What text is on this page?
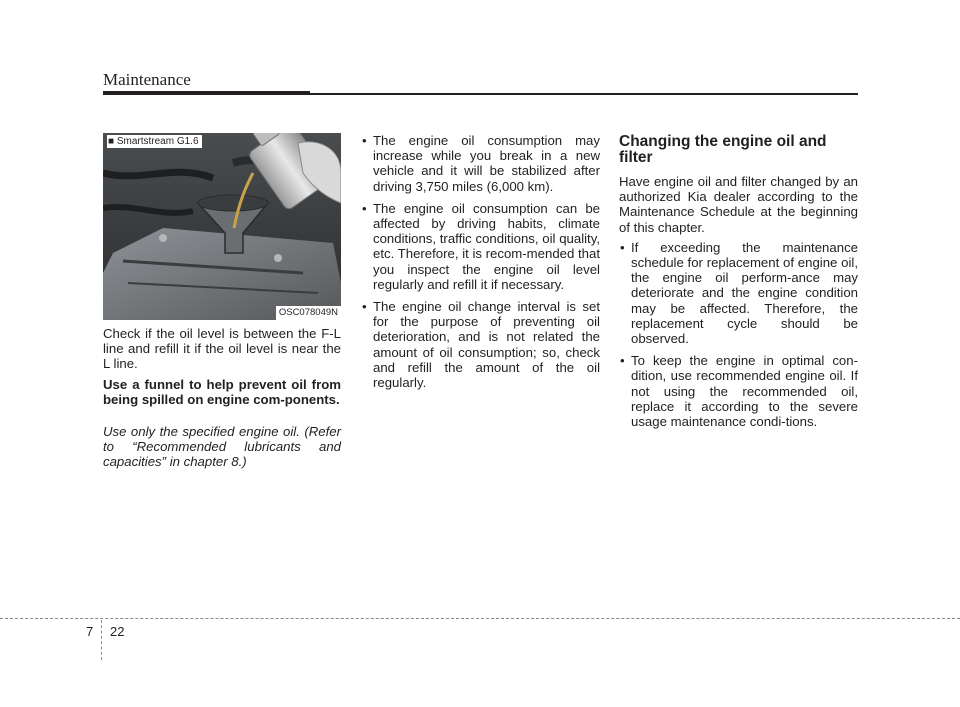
Maintenance
■ Smartstream G1.6
OSC078049N

Check if the oil level is between the F-L line and refill it if the oil level is near the L line.

Use a funnel to help prevent oil from being spilled on engine com-ponents.

Use only the specified engine oil. (Refer to “Recommended lubricants and capacities” in chapter 8.)

• The engine oil consumption may increase while you break in a new vehicle and it will be stabilized after driving 3,750 miles (6,000 km).
• The engine oil consumption can be affected by driving habits, climate conditions, traffic conditions, oil quality, etc. Therefore, it is recom-mended that you inspect the engine oil level regularly and refill it if necessary.
• The engine oil change interval is set for the purpose of preventing oil deterioration, and is not related the amount of oil consumption; so, check and refill the amount of the oil regularly.
Changing the engine oil and filter

Have engine oil and filter changed by an authorized Kia dealer according to the Maintenance Schedule at the beginning of this chapter.

• If exceeding the maintenance schedule for replacement of engine oil, the engine oil perform-ance may deteriorate and the engine condition may be affected. Therefore, the replacement cycle should be observed.
• To keep the engine in optimal con-dition, use recommended engine oil. If not using the recommended oil, replace it according to the severe usage maintenance condi-tions.
7 22
